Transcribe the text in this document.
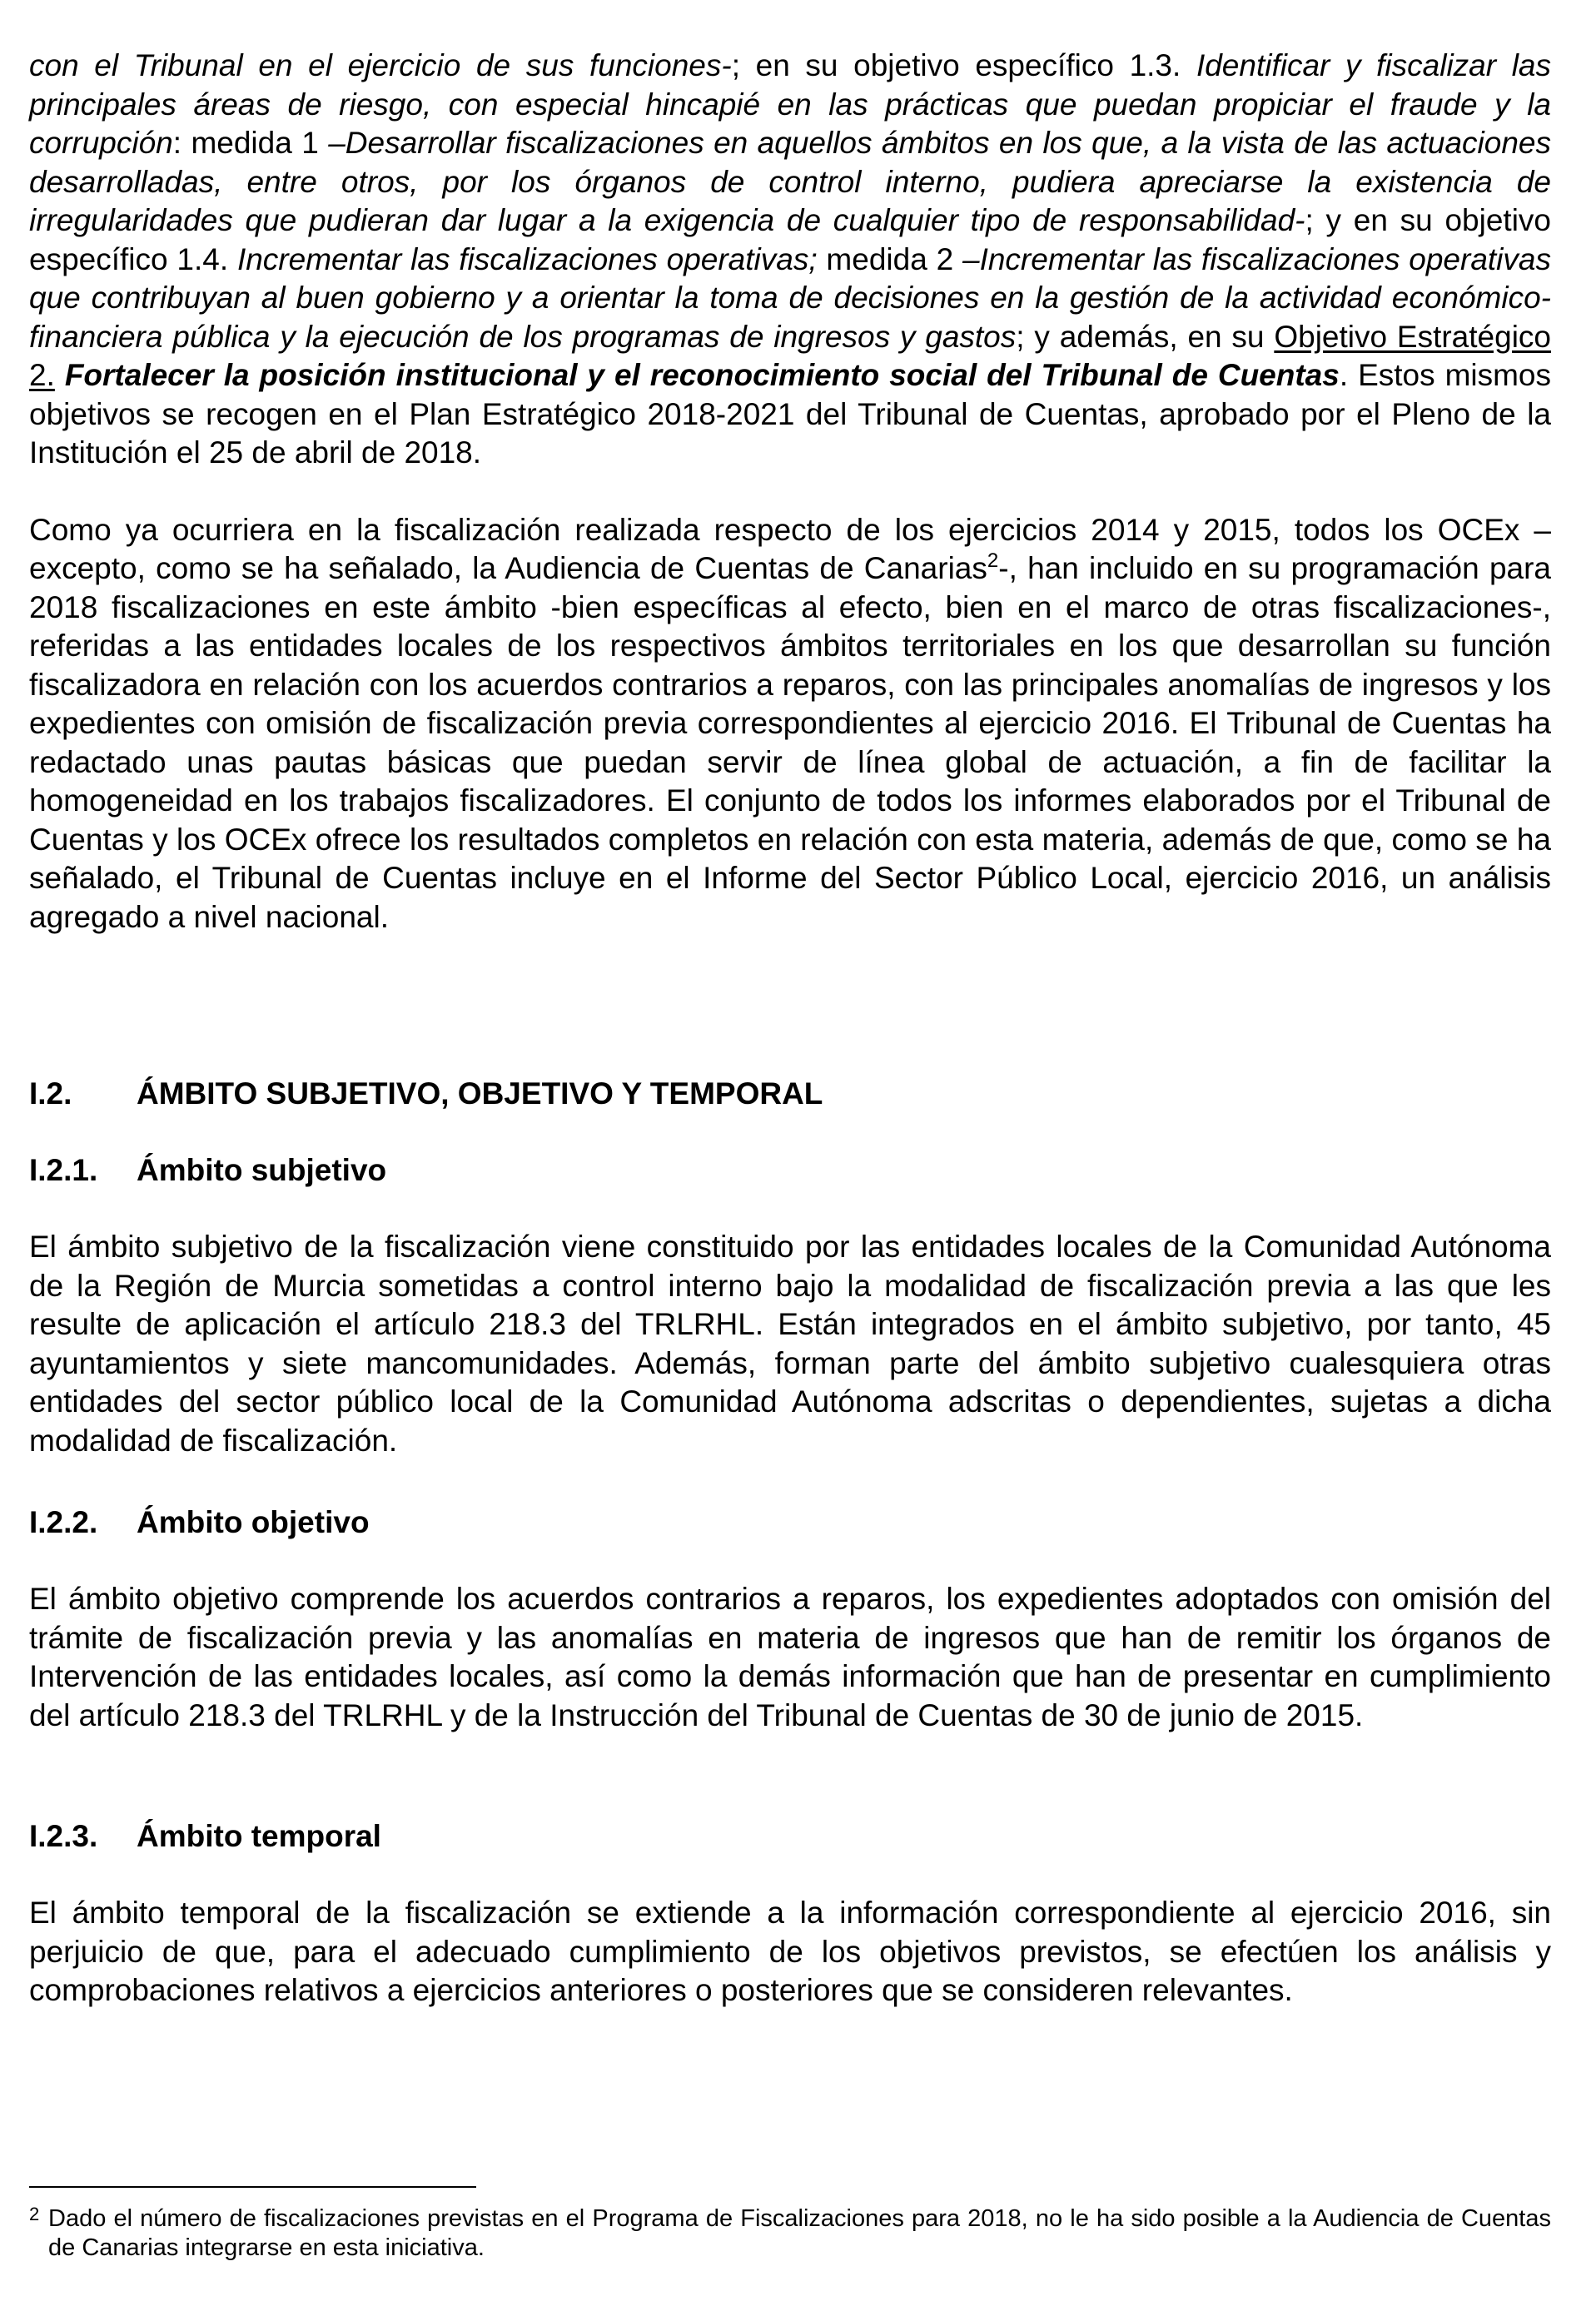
con el Tribunal en el ejercicio de sus funciones-; en su objetivo específico 1.3. Identificar y fiscalizar las principales áreas de riesgo, con especial hincapié en las prácticas que puedan propiciar el fraude y la corrupción: medida 1 –Desarrollar fiscalizaciones en aquellos ámbitos en los que, a la vista de las actuaciones desarrolladas, entre otros, por los órganos de control interno, pudiera apreciarse la existencia de irregularidades que pudieran dar lugar a la exigencia de cualquier tipo de responsabilidad-; y en su objetivo específico 1.4. Incrementar las fiscalizaciones operativas; medida 2 –Incrementar las fiscalizaciones operativas que contribuyan al buen gobierno y a orientar la toma de decisiones en la gestión de la actividad económico-financiera pública y la ejecución de los programas de ingresos y gastos; y además, en su Objetivo Estratégico 2. Fortalecer la posición institucional y el reconocimiento social del Tribunal de Cuentas. Estos mismos objetivos se recogen en el Plan Estratégico 2018-2021 del Tribunal de Cuentas, aprobado por el Pleno de la Institución el 25 de abril de 2018.

Como ya ocurriera en la fiscalización realizada respecto de los ejercicios 2014 y 2015, todos los OCEx –excepto, como se ha señalado, la Audiencia de Cuentas de Canarias$^2$-, han incluido en su programación para 2018 fiscalizaciones en este ámbito -bien específicas al efecto, bien en el marco de otras fiscalizaciones-, referidas a las entidades locales de los respectivos ámbitos territoriales en los que desarrollan su función fiscalizadora en relación con los acuerdos contrarios a reparos, con las principales anomalías de ingresos y los expedientes con omisión de fiscalización previa correspondientes al ejercicio 2016. El Tribunal de Cuentas ha redactado unas pautas básicas que puedan servir de línea global de actuación, a fin de facilitar la homogeneidad en los trabajos fiscalizadores. El conjunto de todos los informes elaborados por el Tribunal de Cuentas y los OCEx ofrece los resultados completos en relación con esta materia, además de que, como se ha señalado, el Tribunal de Cuentas incluye en el Informe del Sector Público Local, ejercicio 2016, un análisis agregado a nivel nacional.

I.2. ÁMBITO SUBJETIVO, OBJETIVO Y TEMPORAL
I.2.1. Ámbito subjetivo

El ámbito subjetivo de la fiscalización viene constituido por las entidades locales de la Comunidad Autónoma de la Región de Murcia sometidas a control interno bajo la modalidad de fiscalización previa a las que les resulte de aplicación el artículo 218.3 del TRLRHL. Están integrados en el ámbito subjetivo, por tanto, 45 ayuntamientos y siete mancomunidades. Además, forman parte del ámbito subjetivo cualesquiera otras entidades del sector público local de la Comunidad Autónoma adscritas o dependientes, sujetas a dicha modalidad de fiscalización.

I.2.2. Ámbito objetivo

El ámbito objetivo comprende los acuerdos contrarios a reparos, los expedientes adoptados con omisión del trámite de fiscalización previa y las anomalías en materia de ingresos que han de remitir los órganos de Intervención de las entidades locales, así como la demás información que han de presentar en cumplimiento del artículo 218.3 del TRLRHL y de la Instrucción del Tribunal de Cuentas de 30 de junio de 2015.

I.2.3. Ámbito temporal

El ámbito temporal de la fiscalización se extiende a la información correspondiente al ejercicio 2016, sin perjuicio de que, para el adecuado cumplimiento de los objetivos previstos, se efectúen los análisis y comprobaciones relativos a ejercicios anteriores o posteriores que se consideren relevantes.

2 Dado el número de fiscalizaciones previstas en el Programa de Fiscalizaciones para 2018, no le ha sido posible a la Audiencia de Cuentas de Canarias integrarse en esta iniciativa.
